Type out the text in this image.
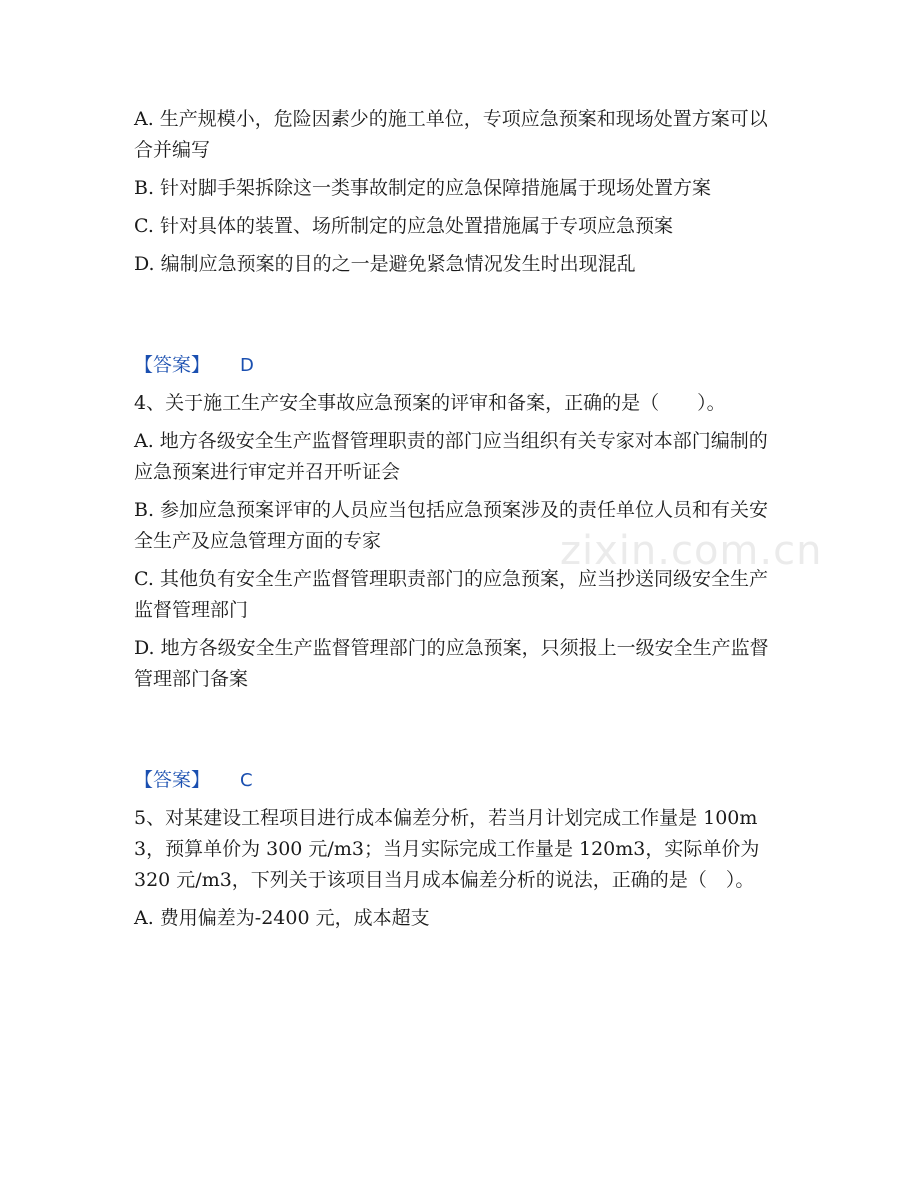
zixin.com.cn

A. 生产规模小，危险因素少的施工单位，专项应急预案和现场处置方案可以合并编写

B. 针对脚手架拆除这一类事故制定的应急保障措施属于现场处置方案

C. 针对具体的装置、场所制定的应急处置措施属于专项应急预案

D. 编制应急预案的目的之一是避免紧急情况发生时出现混乱

【答案】 D

4、关于施工生产安全事故应急预案的评审和备案，正确的是（　　）。

A. 地方各级安全生产监督管理职责的部门应当组织有关专家对本部门编制的应急预案进行审定并召开听证会

B. 参加应急预案评审的人员应当包括应急预案涉及的责任单位人员和有关安全生产及应急管理方面的专家

C. 其他负有安全生产监督管理职责部门的应急预案，应当抄送同级安全生产监督管理部门

D. 地方各级安全生产监督管理部门的应急预案，只须报上一级安全生产监督管理部门备案

【答案】 C

5、对某建设工程项目进行成本偏差分析，若当月计划完成工作量是 100m3，预算单价为 300 元/m3；当月实际完成工作量是 120m3，实际单价为 320 元/m3，下列关于该项目当月成本偏差分析的说法，正确的是（　）。

A. 费用偏差为-2400 元，成本超支
